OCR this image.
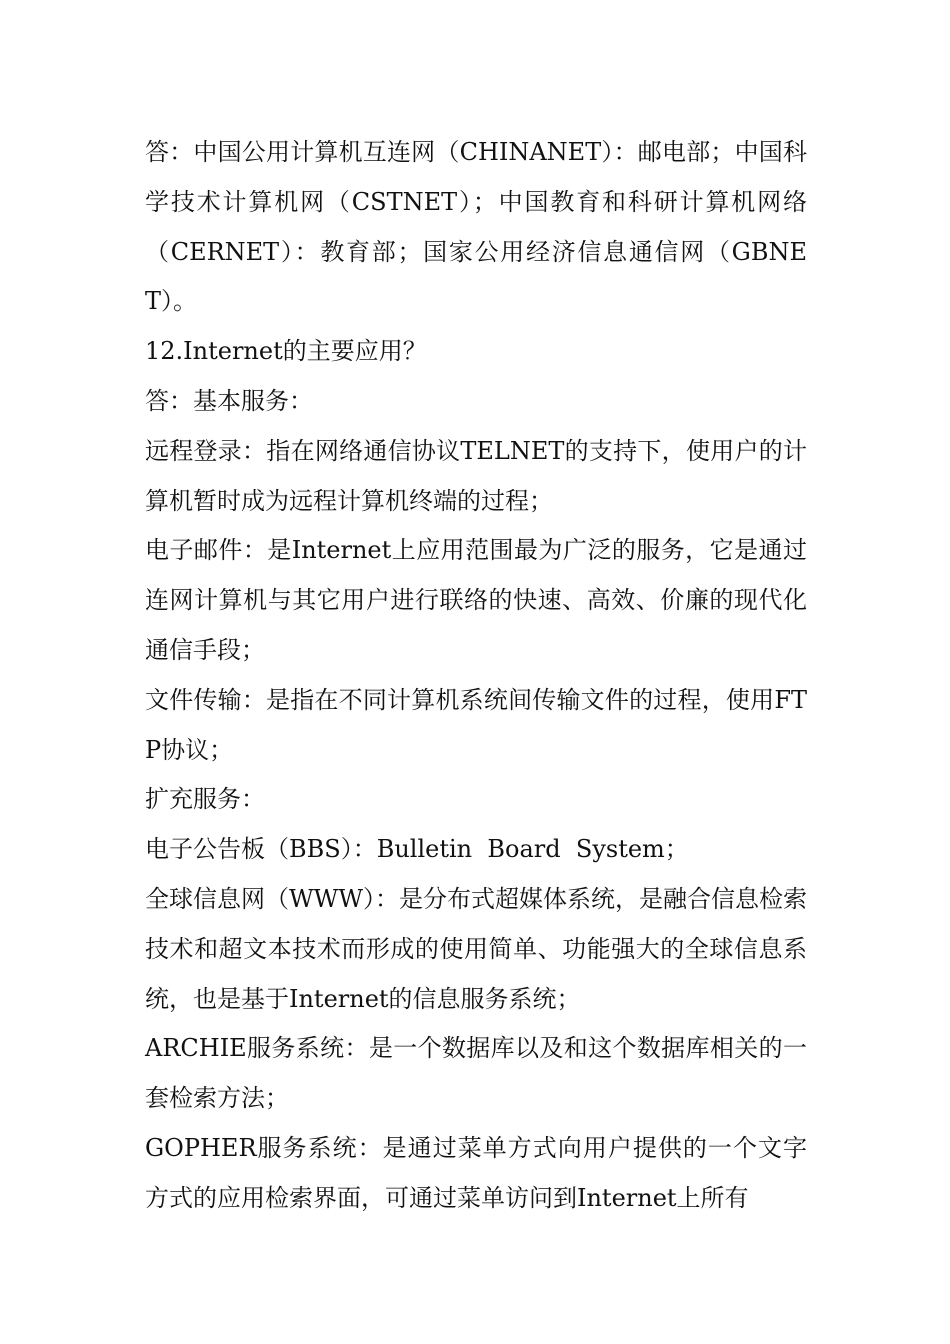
答：中国公用计算机互连网（CHINANET）：邮电部；中国科学技术计算机网（CSTNET）；中国教育和科研计算机网络（CERNET）：教育部；国家公用经济信息通信网（GBNET）。

12.Internet的主要应用？

答：基本服务：

远程登录：指在网络通信协议TELNET的支持下，使用户的计算机暂时成为远程计算机终端的过程；

电子邮件：是Internet上应用范围最为广泛的服务，它是通过连网计算机与其它用户进行联络的快速、高效、价廉的现代化通信手段；

文件传输：是指在不同计算机系统间传输文件的过程，使用FTP协议；

扩充服务：

电子公告板（BBS）：Bulletin  Board  System；

全球信息网（WWW）：是分布式超媒体系统，是融合信息检索技术和超文本技术而形成的使用简单、功能强大的全球信息系统，也是基于Internet的信息服务系统；

ARCHIE服务系统：是一个数据库以及和这个数据库相关的一套检索方法；

GOPHER服务系统：是通过菜单方式向用户提供的一个文字方式的应用检索界面，可通过菜单访问到Internet上所有
